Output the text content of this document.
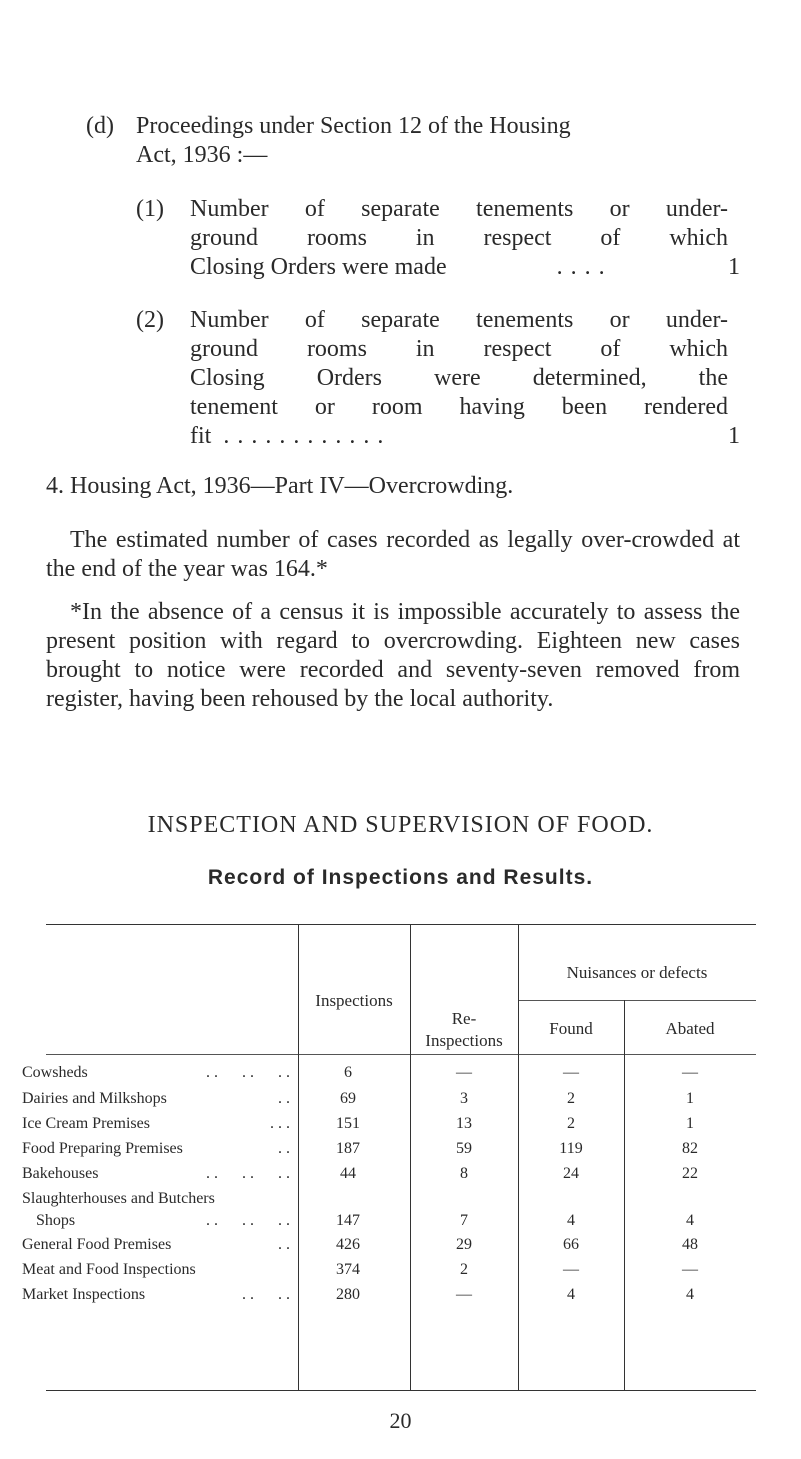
(d) Proceedings under Section 12 of the Housing
Act, 1936 :—
(1) Number of separate tenements or under-
ground rooms in respect of which
Closing Orders were made	. . . .	1
(2) Number of separate tenements or under-
ground rooms in respect of which
Closing Orders were determined, the
tenement or room having been rendered
fit . . . . . . . . . . . .	1
4. Housing Act, 1936—Part IV—Overcrowding.
The estimated number of cases recorded as legally over-crowded at the end of the year was 164.*
*In the absence of a census it is impossible accurately to assess the present position with regard to overcrowding. Eighteen new cases brought to notice were recorded and seventy-seven removed from register, having been rehoused by the local authority.
INSPECTION AND SUPERVISION OF FOOD.
Record of Inspections and Results.
Inspections
Re-
Inspections
Nuisances or defects
Found	Abated
Cowsheds	. .      . .      . .	6	—	—	—
Dairies and Milkshops	. .	69	3	2	1
Ice Cream Premises	. . .	151	13	2	1
Food Preparing Premises	. .	187	59	119	82
Bakehouses	. .      . .      . .	44	8	24	22
Slaughterhouses and Butchers
Shops	. .      . .      . .	147	7	4	4
General Food Premises	. .	426	29	66	48
Meat and Food Inspections	374	2	—	—
Market Inspections	. .      . .	280	—	4	4
20
